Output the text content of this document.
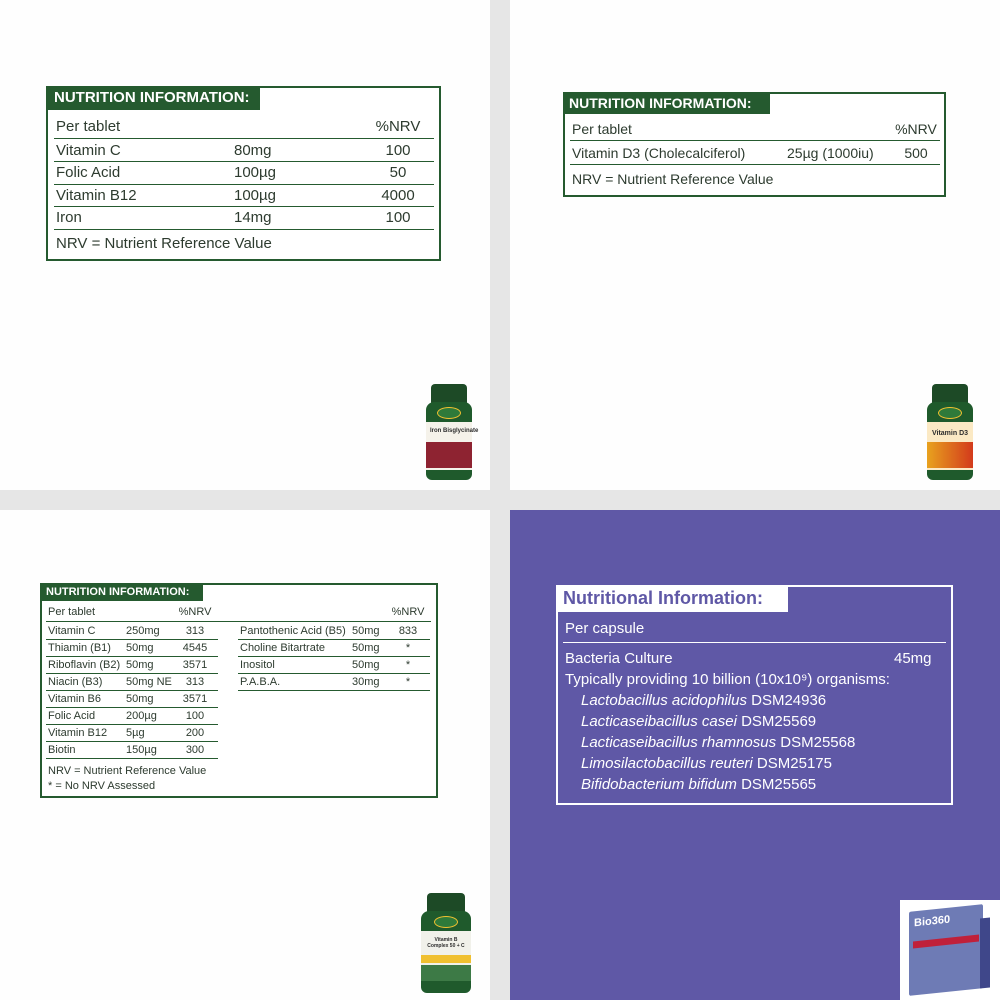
NUTRITION INFORMATION:
Per tablet	%NRV
Vitamin C	80mg	100
Folic Acid	100µg	50
Vitamin B12	100µg	4000
Iron	14mg	100
NRV = Nutrient Reference Value
Iron Bisglycinate
NUTRITION INFORMATION:
Per tablet	%NRV
Vitamin D3 (Cholecalciferol)	25µg (1000iu)	500
NRV = Nutrient Reference Value
Vitamin D3
NUTRITION INFORMATION:
Per tablet	%NRV	%NRV
Vitamin C	250mg	313
Thiamin (B1) 50mg	4545
Riboflavin (B2) 50mg	3571
Niacin (B3) 50mg NE	313
Vitamin B6 50mg	3571
Folic Acid	200µg	100
Vitamin B12 5µg	200
Biotin	150µg	300
Pantothenic Acid (B5) 50mg	833
Choline Bitartrate 50mg	*
Inositol	50mg	*
P.A.B.A.	30mg	*
NRV = Nutrient Reference Value
* = No NRV Assessed
Vitamin B Complex 50 + C
Nutritional Information:
Per capsule
Bacteria Culture	45mg
Typically providing 10 billion (10x10⁹) organisms:
Lactobacillus acidophilus DSM24936
Lacticaseibacillus casei DSM25569
Lacticaseibacillus rhamnosus DSM25568
Limosilactobacillus reuteri DSM25175
Bifidobacterium bifidum DSM25565
Bio360
